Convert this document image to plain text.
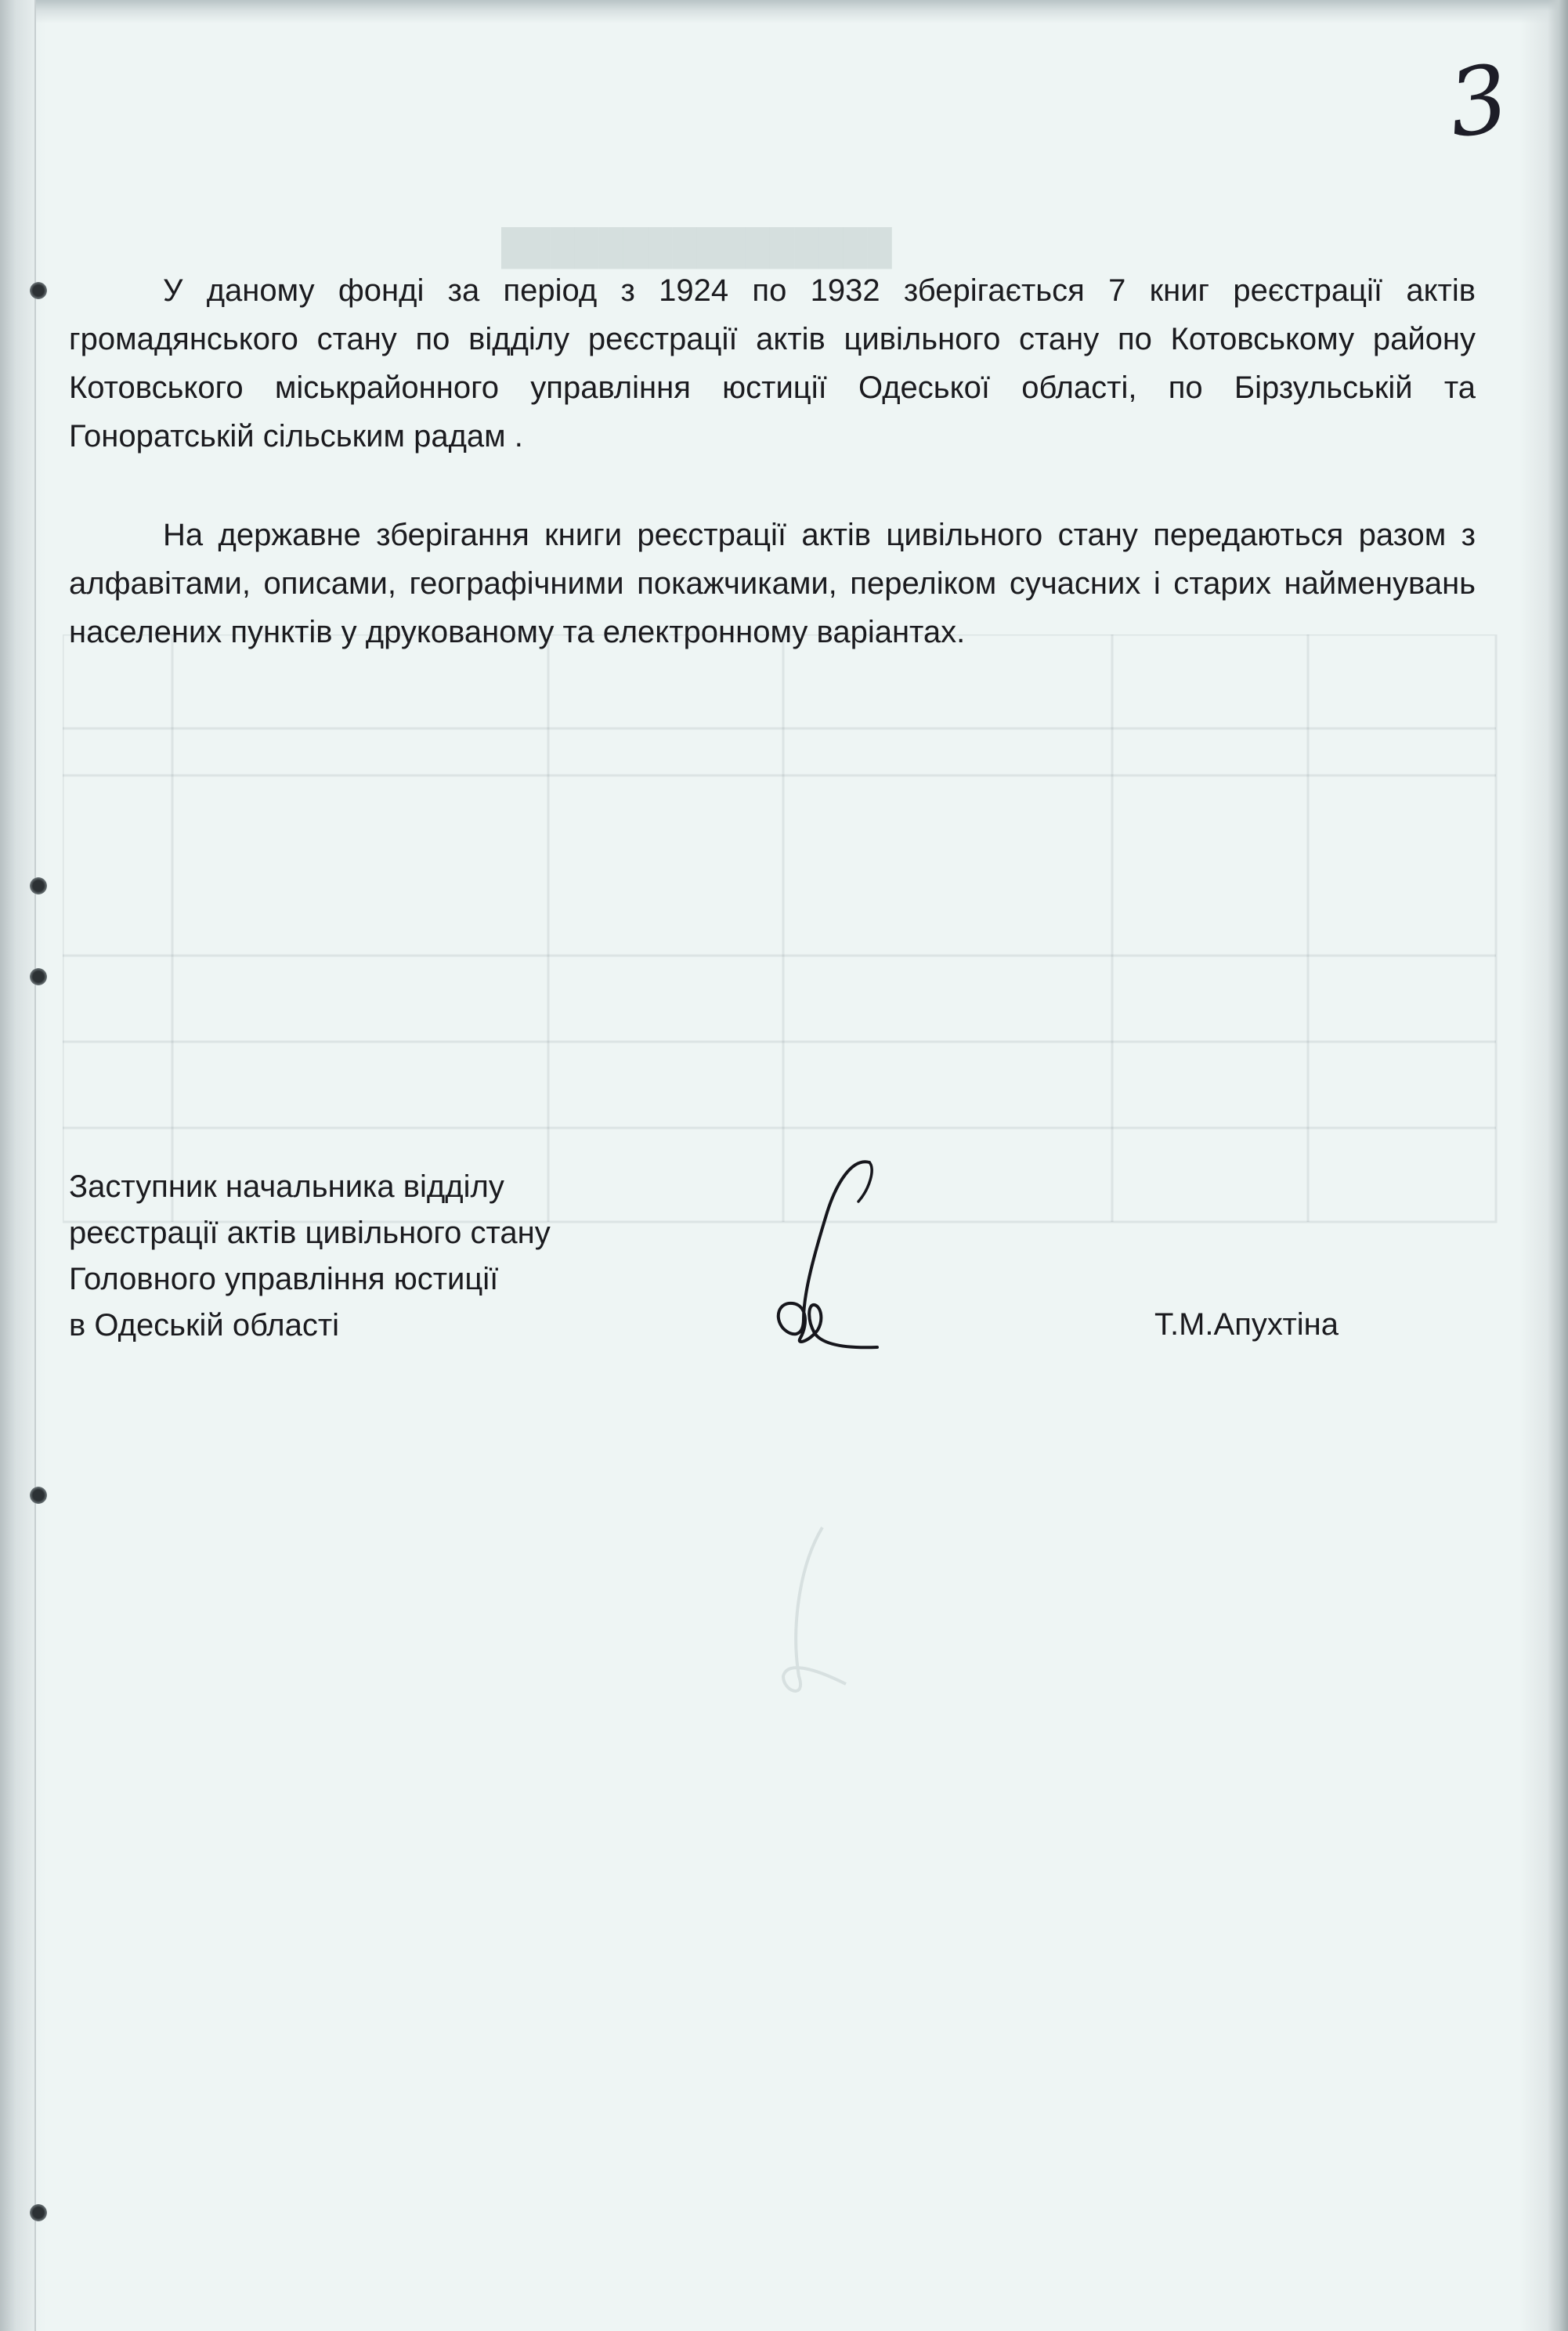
████████████████
3

У даному фонді за період з 1924 по 1932 зберігається 7 книг реєстрації актів громадянського стану по відділу реєстрації актів цивільного стану по Котовському району Котовського міськрайонного управління юстиції Одеської області, по Бірзульській та Гоноратській сільським радам .

На державне зберігання книги реєстрації актів цивільного стану передаються разом з алфавітами, описами, географічними покажчиками, переліком сучасних і старих найменувань населених пунктів у друкованому та електронному варіантах.

Заступник начальника відділу
реєстрації актів цивільного стану
Головного управління юстиції
в Одеській області	Т.М.Апухтіна
